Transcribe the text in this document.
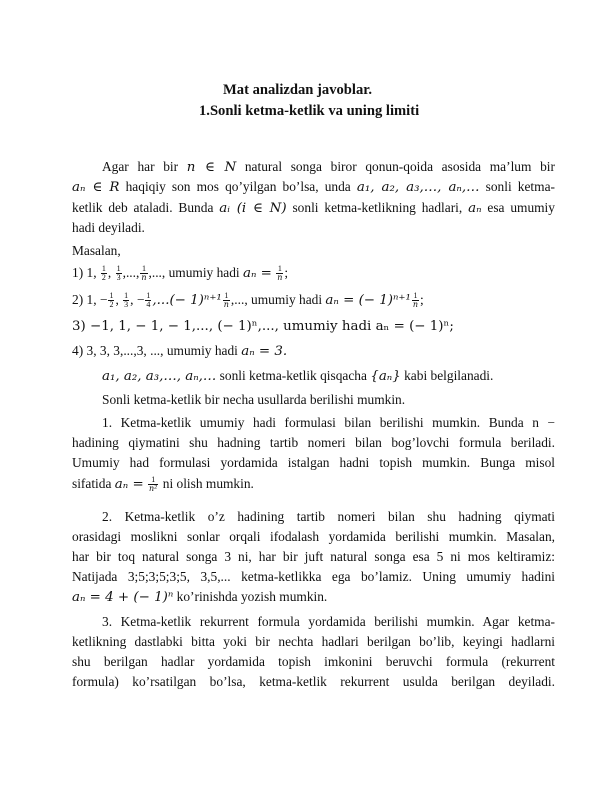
Mat analizdan javoblar.
1.Sonli ketma-ketlik va uning limiti
Agar har bir n ∈ N natural songa biror qonun-qoida asosida ma’lum bir
aₙ ∈ R haqiqiy son mos qo’yilgan bo’lsa, unda a₁, a₂, a₃,…, aₙ,… sonli ketma-
ketlik deb ataladi. Bunda aᵢ (i ∈ N) sonli ketma-ketlikning hadlari, aₙ esa umumiy
hadi deyiladi.
Masalan,
1) 1, $\frac{1}{2}$ , $\frac{1}{3}$ ,..., $\frac{1}{n}$ ,..., umumiy hadi $a_n = \frac{1}{n}$ ;
2) 1, − $\frac{1}{2}$ , $\frac{1}{3}$ , − $\frac{1}{4}$ ,...(− $1)^{n+1} \frac{1}{n}$ ,..., umumiy hadi aₙ = (− $1)^{n+1} \frac{1}{n}$ ;
3) −1, 1, − 1, − 1,..., (− 1)ⁿ,..., umumiy hadi aₙ = (− 1)ⁿ;
4) 3, 3, 3,...,3, ..., umumiy hadi aₙ = 3.
a₁, a₂, a₃,…, aₙ,… sonli ketma-ketlik qisqacha {aₙ} kabi belgilanadi.
Sonli ketma-ketlik bir necha usullarda berilishi mumkin.
1. Ketma-ketlik umumiy hadi formulasi bilan berilishi mumkin. Bunda n −
hadining qiymatini shu hadning tartib nomeri bilan bog’lovchi formula beriladi.
Umumiy had formulasi yordamida istalgan hadni topish mumkin. Bunga misol
sifatida $a_n = \frac{1}{\text{n²}}$ ni olish mumkin.
2. Ketma-ketlik o’z hadining tartib nomeri bilan shu hadning qiymati
orasidagi moslikni sonlar orqali ifodalash yordamida berilishi mumkin. Masalan,
har bir toq natural songa 3 ni, har bir juft natural songa esa 5 ni mos keltiramiz:
Natijada 3;5;3;5;3;5, 3,5,... ketma-ketlikka ega bo’lamiz. Uning umumiy hadini
aₙ = 4 + (− 1)ⁿ ko’rinishda yozish mumkin.
3. Ketma-ketlik rekurrent formula yordamida berilishi mumkin. Agar ketma-
ketlikning dastlabki bitta yoki bir nechta hadlari berilgan bo’lib, keyingi hadlarni
shu berilgan hadlar yordamida topish imkonini beruvchi formula (rekurrent
formula) ko’rsatilgan bo’lsa, ketma-ketlik rekurrent usulda berilgan deyiladi.
